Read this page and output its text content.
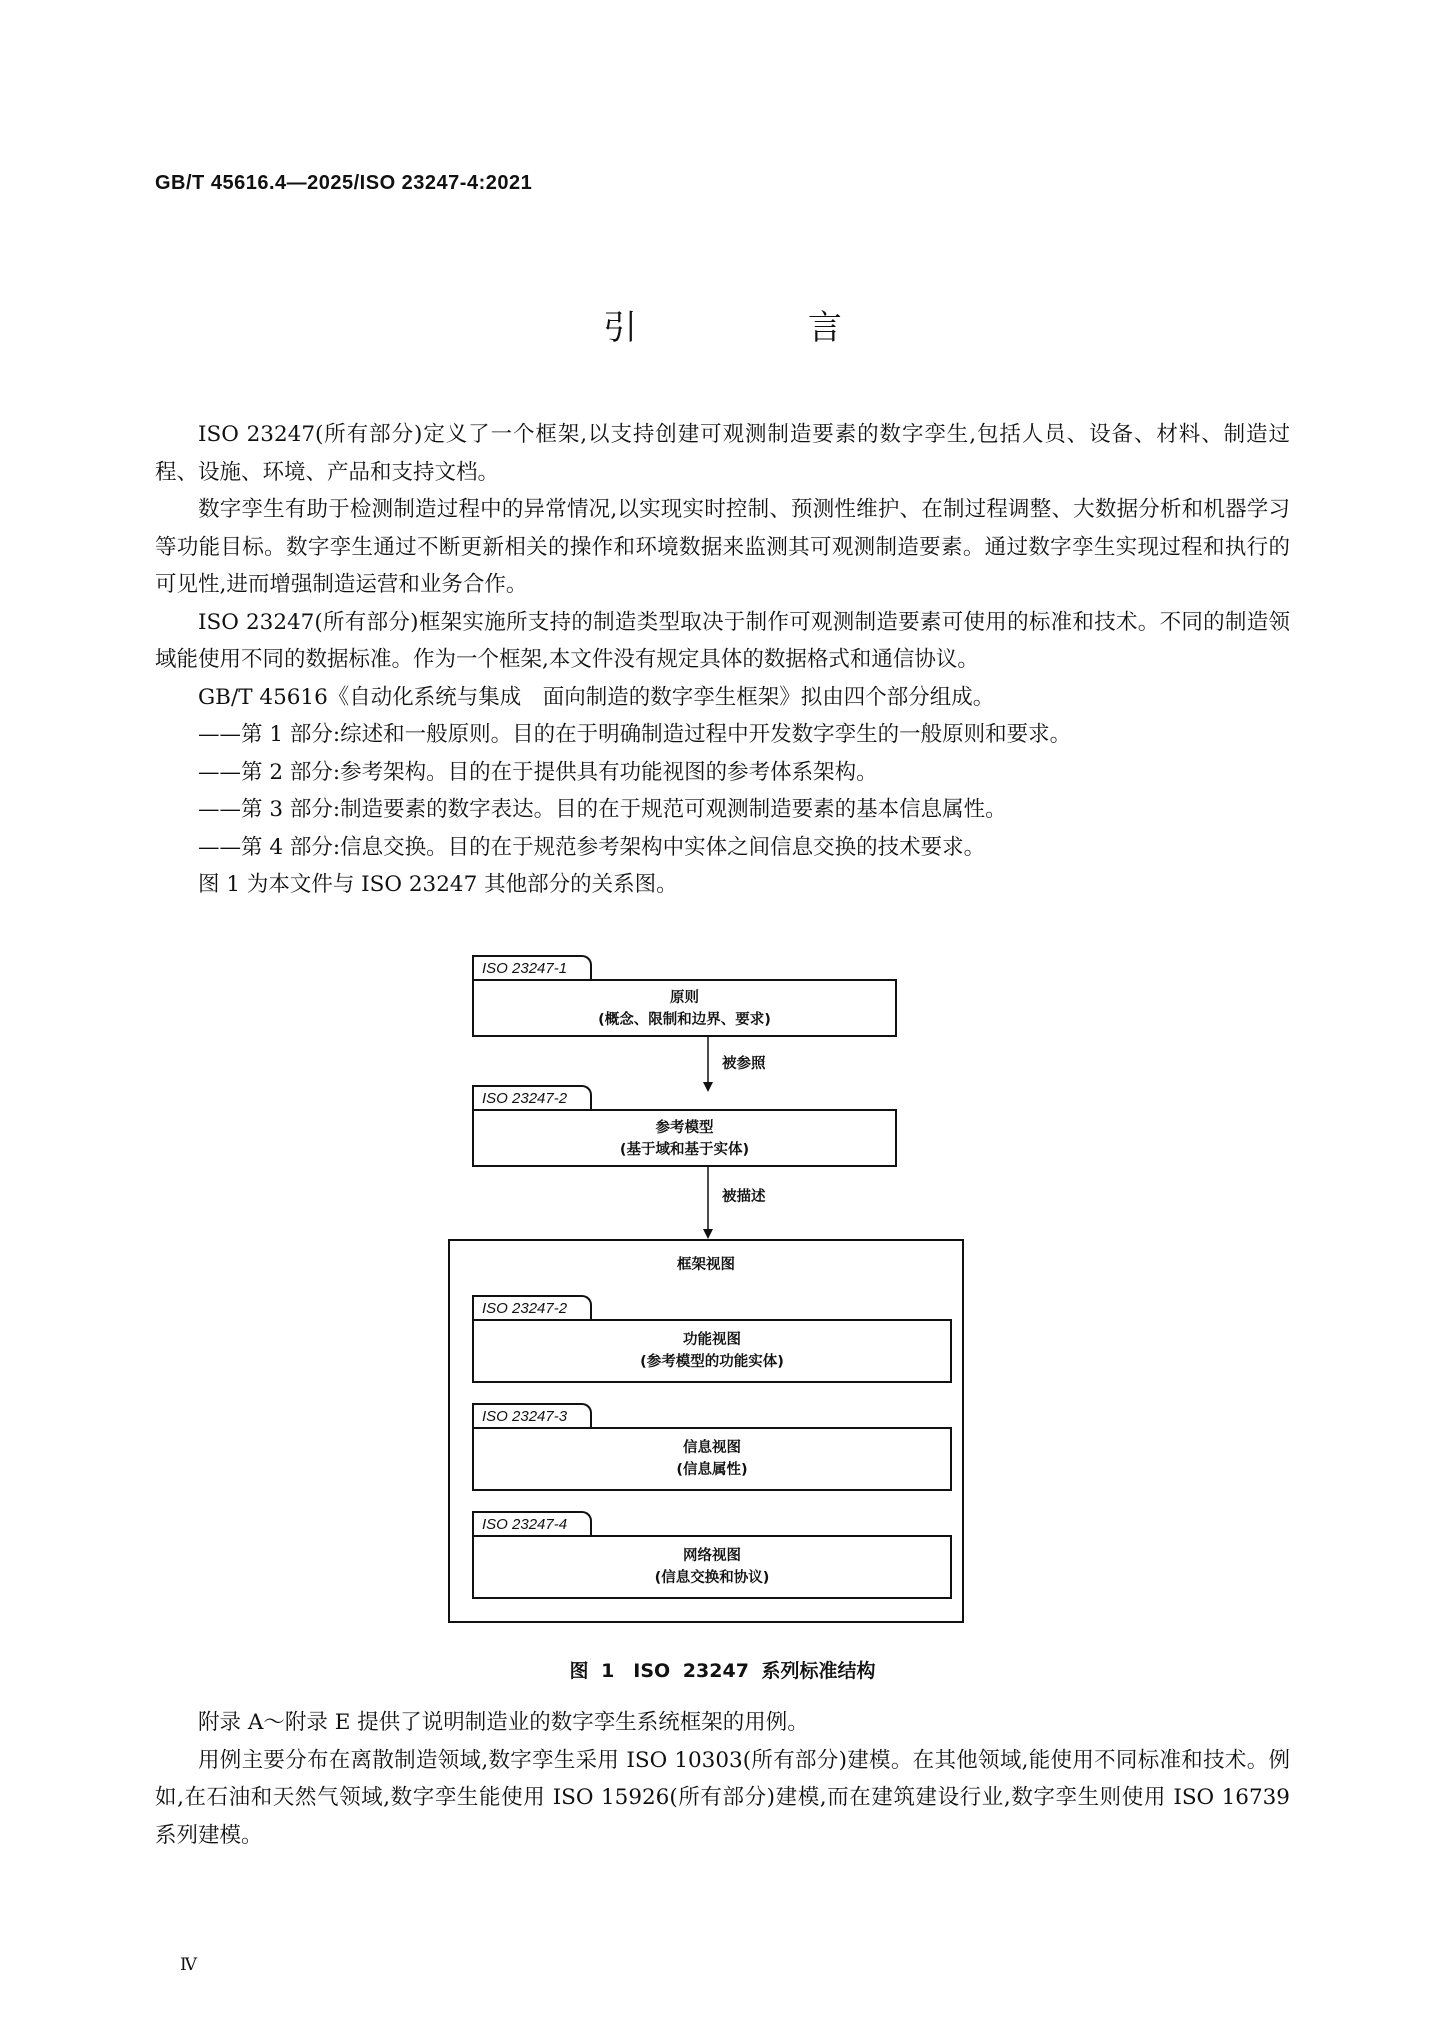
GB/T 45616.4—2025/ISO 23247-4:2021
引 言

ISO 23247(所有部分)定义了一个框架,以支持创建可观测制造要素的数字孪生,包括人员、设备、材料、制造过程、设施、环境、产品和支持文档。

数字孪生有助于检测制造过程中的异常情况,以实现实时控制、预测性维护、在制过程调整、大数据分析和机器学习等功能目标。数字孪生通过不断更新相关的操作和环境数据来监测其可观测制造要素。通过数字孪生实现过程和执行的可见性,进而增强制造运营和业务合作。

ISO 23247(所有部分)框架实施所支持的制造类型取决于制作可观测制造要素可使用的标准和技术。不同的制造领域能使用不同的数据标准。作为一个框架,本文件没有规定具体的数据格式和通信协议。

GB/T 45616《自动化系统与集成　面向制造的数字孪生框架》拟由四个部分组成。

——第 1 部分:综述和一般原则。目的在于明确制造过程中开发数字孪生的一般原则和要求。

——第 2 部分:参考架构。目的在于提供具有功能视图的参考体系架构。

——第 3 部分:制造要素的数字表达。目的在于规范可观测制造要素的基本信息属性。

——第 4 部分:信息交换。目的在于规范参考架构中实体之间信息交换的技术要求。

图 1 为本文件与 ISO 23247 其他部分的关系图。

ISO 23247-1
原则
(概念、限制和边界、要求)
被参照
ISO 23247-2
参考模型
(基于域和基于实体)
被描述
框架视图
ISO 23247-2
功能视图
(参考模型的功能实体)
ISO 23247-3
信息视图
(信息属性)
ISO 23247-4
网络视图
(信息交换和协议)
图 1　ISO 23247 系列标准结构

附录 A～附录 E 提供了说明制造业的数字孪生系统框架的用例。

用例主要分布在离散制造领域,数字孪生采用 ISO 10303(所有部分)建模。在其他领域,能使用不同标准和技术。例如,在石油和天然气领域,数字孪生能使用 ISO 15926(所有部分)建模,而在建筑建设行业,数字孪生则使用 ISO 16739 系列建模。

Ⅳ
